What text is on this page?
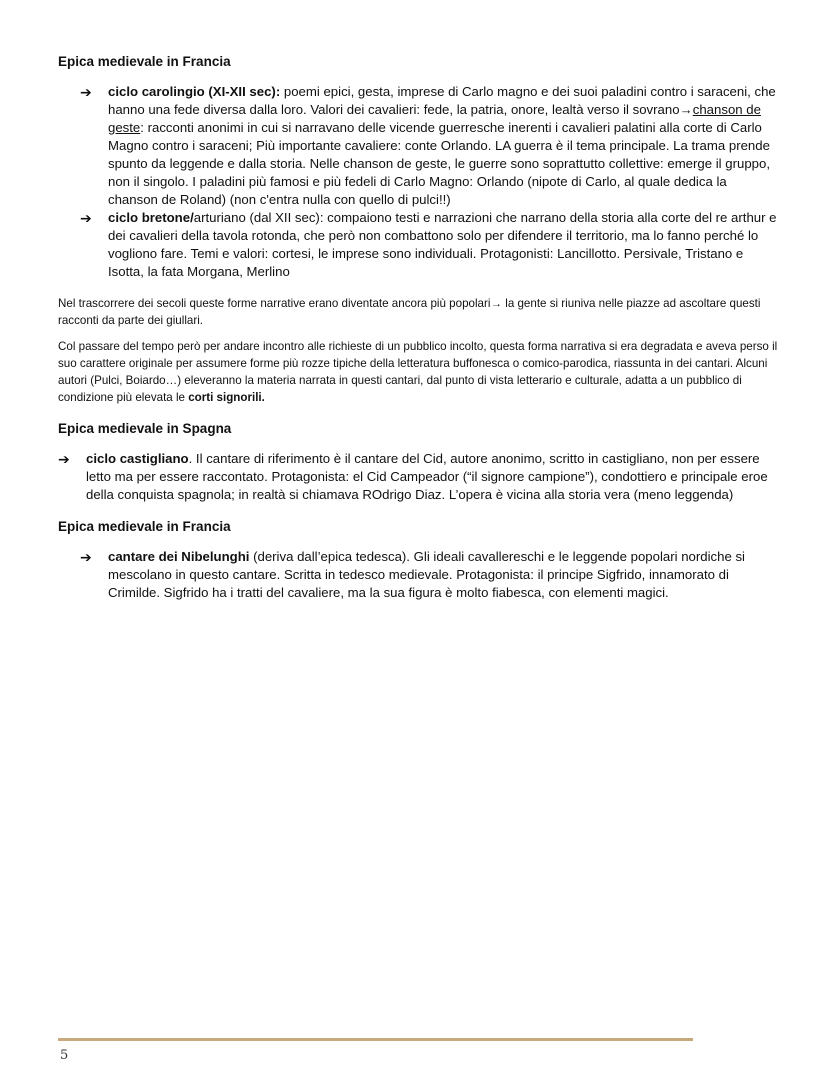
Epica medievale in Francia
➔ ciclo carolingio (XI-XII sec): poemi epici, gesta, imprese di Carlo magno e dei suoi paladini contro i saraceni, che hanno una fede diversa dalla loro. Valori dei cavalieri: fede, la patria, onore, lealtà verso il sovrano→chanson de geste: racconti anonimi in cui si narravano delle vicende guerresche inerenti i cavalieri palatini alla corte di Carlo Magno contro i saraceni; Più importante cavaliere: conte Orlando. LA guerra è il tema principale. La trama prende spunto da leggende e dalla storia. Nelle chanson de geste, le guerre sono soprattutto collettive: emerge il gruppo, non il singolo. I paladini più famosi e più fedeli di Carlo Magno: Orlando (nipote di Carlo, al quale dedica la chanson de Roland) (non c'entra nulla con quello di pulci!!)
➔ ciclo bretone/arturiano (dal XII sec): compaiono testi e narrazioni che narrano della storia alla corte del re arthur e dei cavalieri della tavola rotonda, che però non combattono solo per difendere il territorio, ma lo fanno perché lo vogliono fare. Temi e valori: cortesi, le imprese sono individuali. Protagonisti: Lancillotto. Persivale, Tristano e Isotta, la fata Morgana, Merlino

Nel trascorrere dei secoli queste forme narrative erano diventate ancora più popolari→ la gente si riuniva nelle piazze ad ascoltare questi racconti da parte dei giullari.

Col passare del tempo però per andare incontro alle richieste di un pubblico incolto, questa forma narrativa si era degradata e aveva perso il suo carattere originale per assumere forme più rozze tipiche della letteratura buffonesca o comico-parodica, riassunta in dei cantari. Alcuni autori (Pulci, Boiardo…) eleveranno la materia narrata in questi cantari, dal punto di vista letterario e culturale, adatta a un pubblico di condizione più elevata le corti signorili.

Epica medievale in Spagna
➔ ciclo castigliano. Il cantare di riferimento è il cantare del Cid, autore anonimo, scritto in castigliano, non per essere letto ma per essere raccontato. Protagonista: el Cid Campeador (“il signore campione”), condottiero e principale eroe della conquista spagnola; in realtà si chiamava ROdrigo Diaz. L’opera è vicina alla storia vera (meno leggenda)
Epica medievale in Francia
➔ cantare dei Nibelunghi (deriva dall’epica tedesca). Gli ideali cavallereschi e le leggende popolari nordiche si mescolano in questo cantare. Scritta in tedesco medievale. Protagonista: il principe Sigfrido, innamorato di Crimilde. Sigfrido ha i tratti del cavaliere, ma la sua figura è molto fiabesca, con elementi magici.
5
